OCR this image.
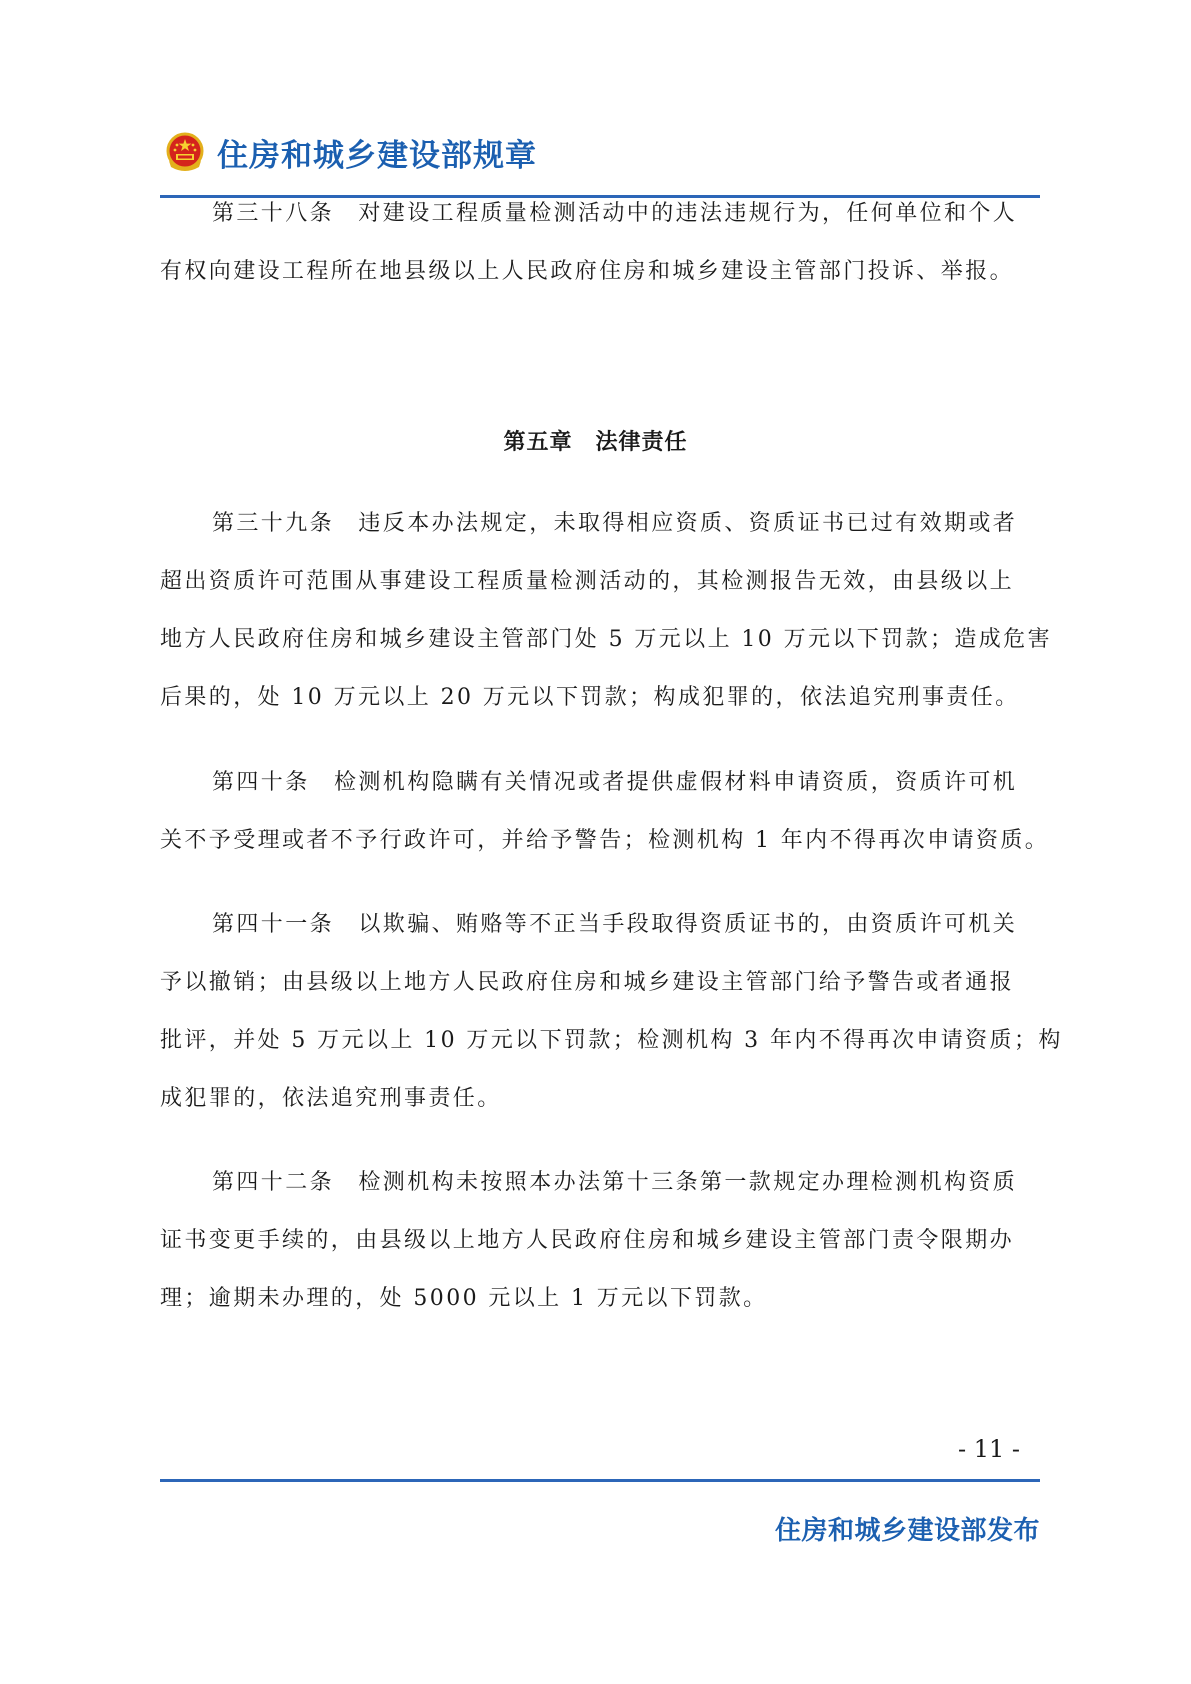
住房和城乡建设部规章
第三十八条　对建设工程质量检测活动中的违法违规行为，任何单位和个人
有权向建设工程所在地县级以上人民政府住房和城乡建设主管部门投诉、举报。
第五章　法律责任
第三十九条　违反本办法规定，未取得相应资质、资质证书已过有效期或者
超出资质许可范围从事建设工程质量检测活动的，其检测报告无效，由县级以上
地方人民政府住房和城乡建设主管部门处 5 万元以上 10 万元以下罚款；造成危害
后果的，处 10 万元以上 20 万元以下罚款；构成犯罪的，依法追究刑事责任。
第四十条　检测机构隐瞒有关情况或者提供虚假材料申请资质，资质许可机
关不予受理或者不予行政许可，并给予警告；检测机构 1 年内不得再次申请资质。
第四十一条　以欺骗、贿赂等不正当手段取得资质证书的，由资质许可机关
予以撤销；由县级以上地方人民政府住房和城乡建设主管部门给予警告或者通报
批评，并处 5 万元以上 10 万元以下罚款；检测机构 3 年内不得再次申请资质；构
成犯罪的，依法追究刑事责任。
第四十二条　检测机构未按照本办法第十三条第一款规定办理检测机构资质
证书变更手续的，由县级以上地方人民政府住房和城乡建设主管部门责令限期办
理；逾期未办理的，处 5000 元以上 1 万元以下罚款。
- 11 -
住房和城乡建设部发布
